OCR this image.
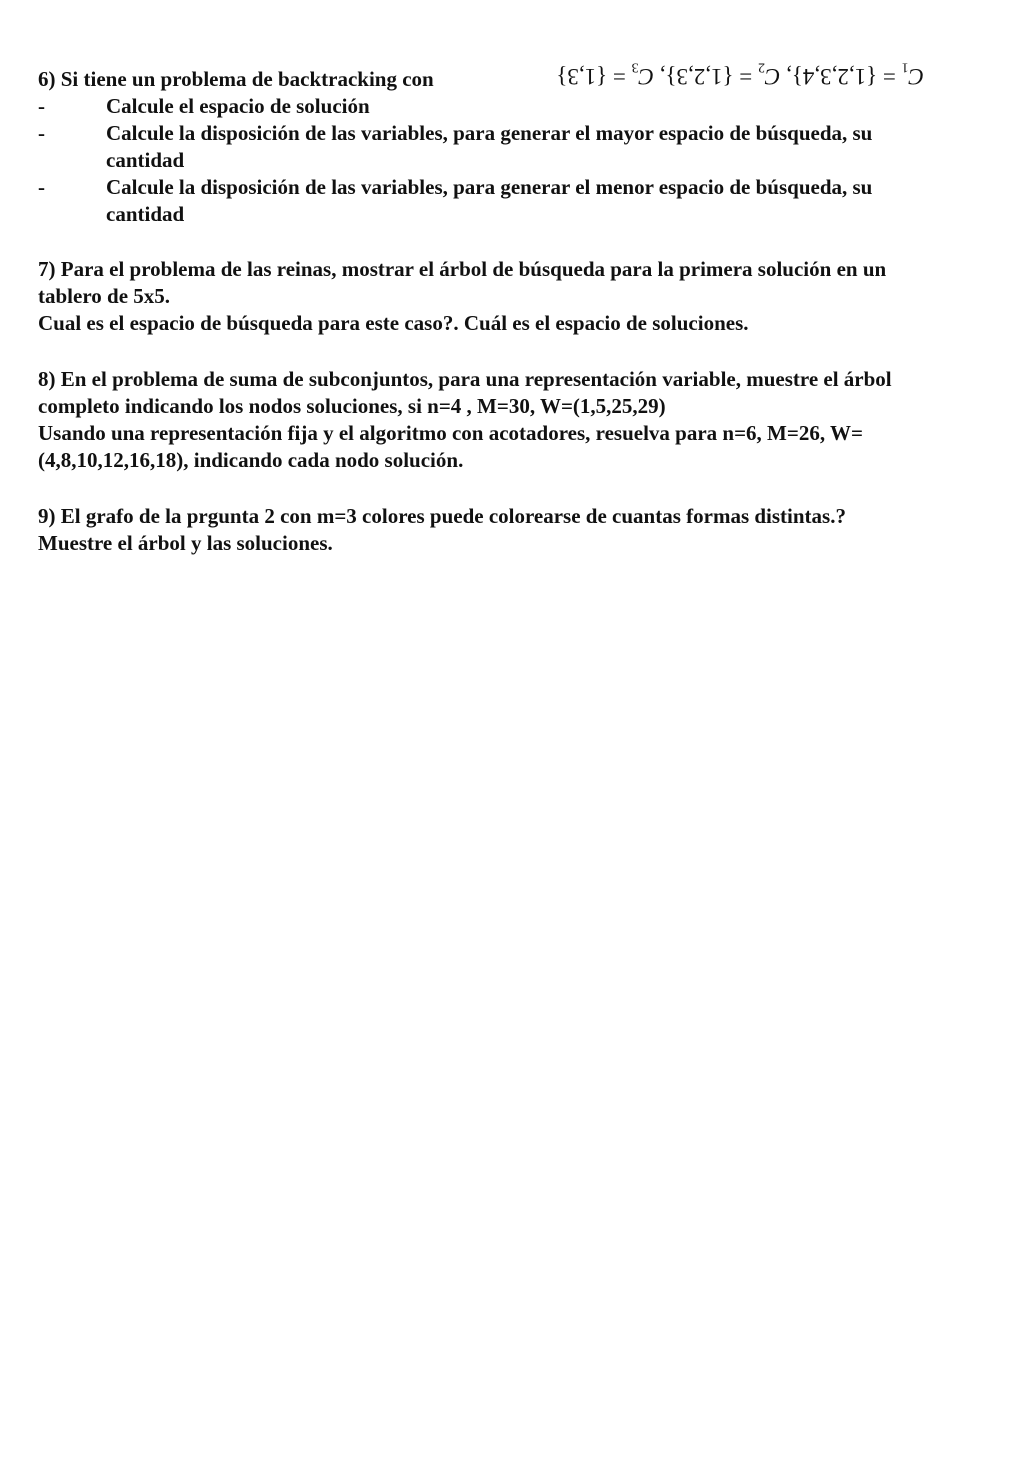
6) Si tiene un problema de backtracking con	$C_1 = \{1,2,3,4\}$, $C_2 = \{1,2,3\}$, $C_3 = \{1,3\}$
-	Calcule el espacio de solución
-	Calcule la disposición de las variables, para generar el mayor espacio de búsqueda, su
cantidad
-	Calcule la disposición de las variables, para generar el menor espacio de búsqueda, su
cantidad
7) Para el problema de las reinas, mostrar el árbol de búsqueda para la primera solución en un
tablero de 5x5.
Cual es el espacio de búsqueda para este caso?. Cuál es el espacio de soluciones.
8) En el problema de suma de subconjuntos, para una representación variable, muestre el árbol
completo indicando los nodos soluciones, si n=4 , M=30, W=(1,5,25,29)
Usando una representación fija y el algoritmo con acotadores, resuelva para n=6, M=26, W=
(4,8,10,12,16,18), indicando cada nodo solución.
9) El grafo de la prgunta 2 con m=3 colores puede colorearse de cuantas formas distintas.?
Muestre el árbol y las soluciones.
